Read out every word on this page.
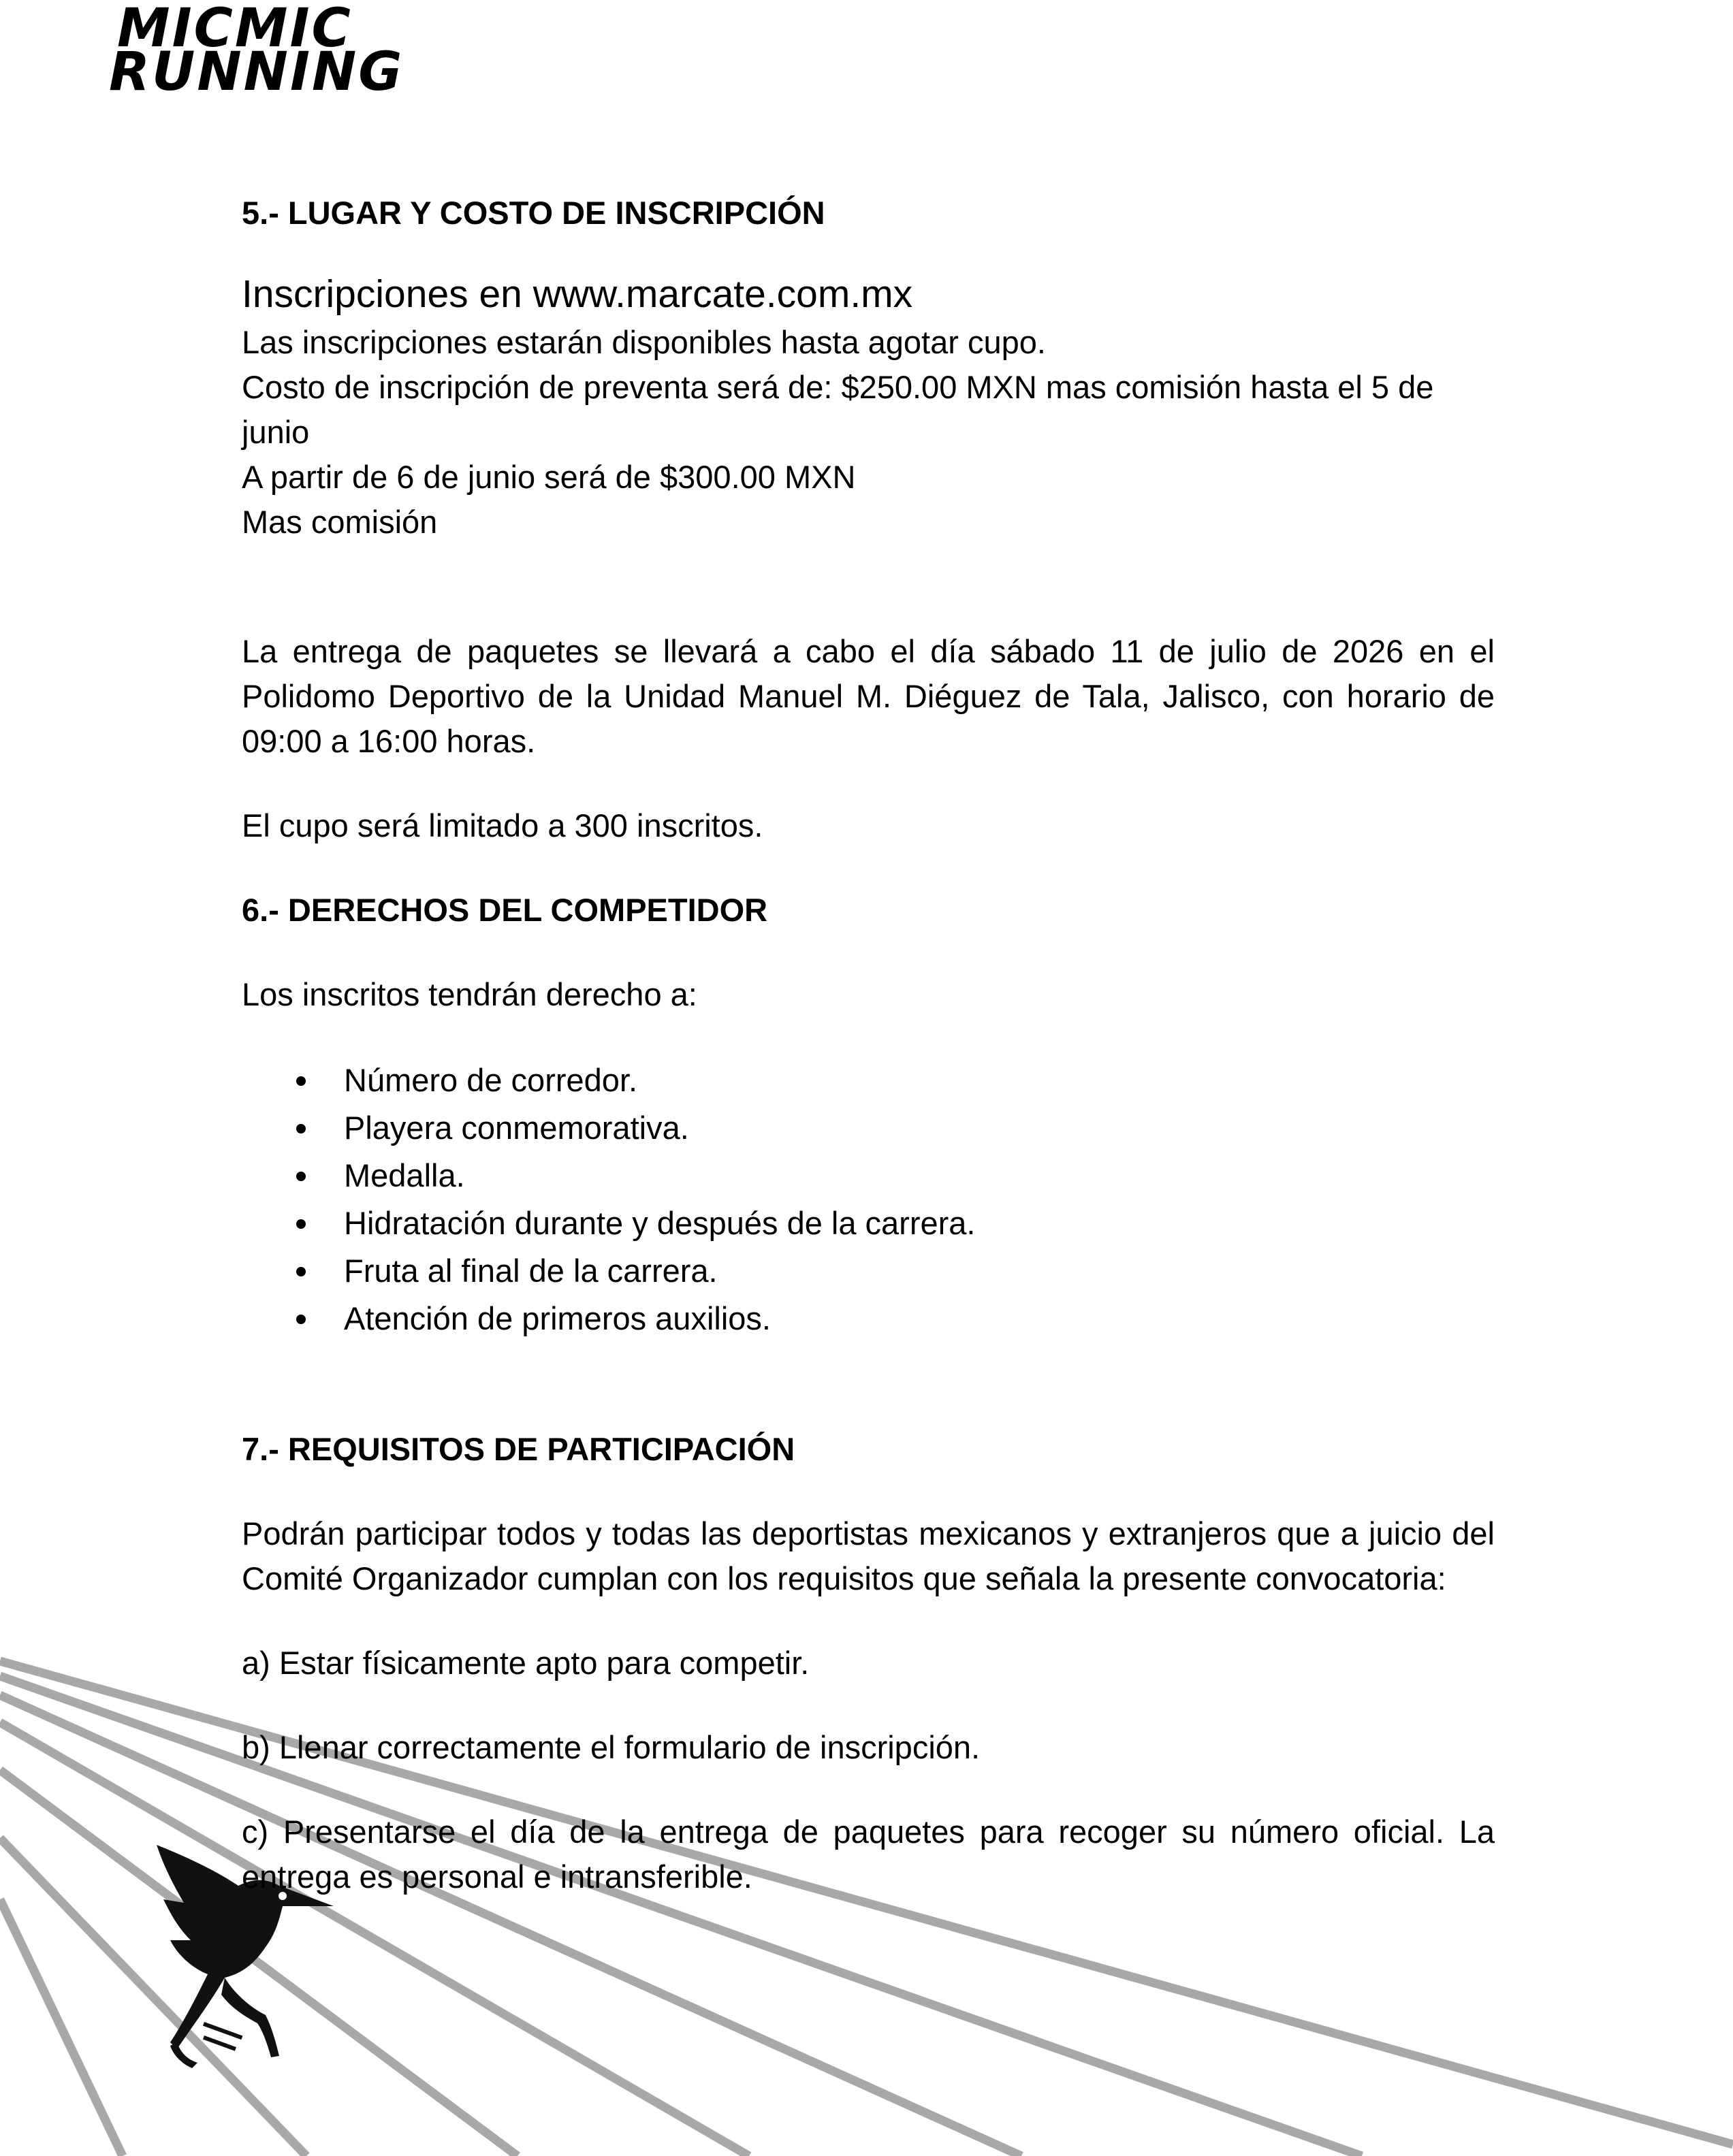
MICMIC
RUNNING

5.- LUGAR Y COSTO DE INSCRIPCIÓN

Inscripciones en www.marcate.com.mx

Las inscripciones estarán disponibles hasta agotar cupo.

Costo de inscripción de preventa será de: $250.00 MXN mas comisión hasta el 5 de junio

A partir de 6 de junio será de $300.00 MXN

Mas comisión

La entrega de paquetes se llevará a cabo el día sábado 11 de julio de 2026 en el Polidomo Deportivo de la Unidad Manuel M. Diéguez de Tala, Jalisco, con horario de 09:00 a 16:00 horas.

El cupo será limitado a 300 inscritos.

6.- DERECHOS DEL COMPETIDOR

Los inscritos tendrán derecho a:

Número de corredor.
Playera conmemorativa.
Medalla.
Hidratación durante y después de la carrera.
Fruta al final de la carrera.
Atención de primeros auxilios.

7.- REQUISITOS DE PARTICIPACIÓN

Podrán participar todos y todas las deportistas mexicanos y extranjeros que a juicio del Comité Organizador cumplan con los requisitos que señala la presente convocatoria:

a) Estar físicamente apto para competir.

b) Llenar correctamente el formulario de inscripción.

c) Presentarse el día de la entrega de paquetes para recoger su número oficial. La entrega es personal e intransferible.
